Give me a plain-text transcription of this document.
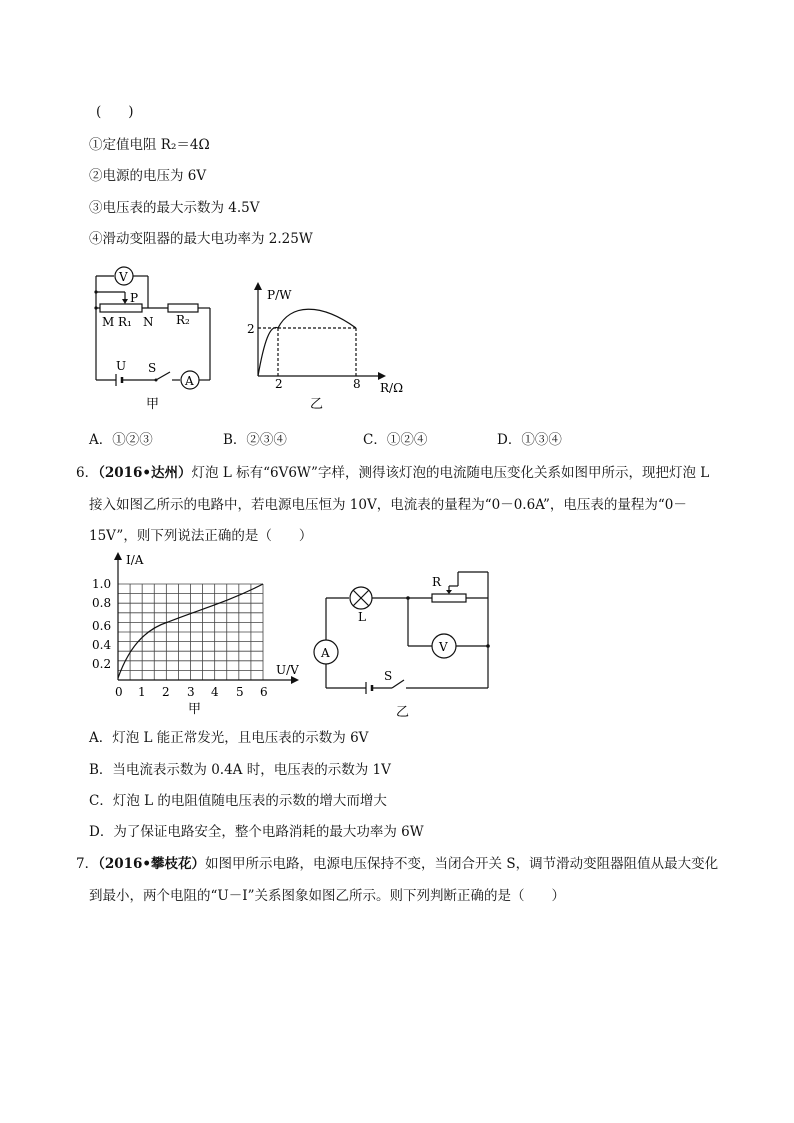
(　　)
①定值电阻 R₂＝4Ω
②电源的电压为 6V
③电压表的最大示数为 4.5V
④滑动变阻器的最大电功率为 2.25W
V
P
M R₁ N R₂
U S
A
甲
P/W
R/Ω
2
2	8
乙
A．①②③	B．②③④	C．①②④	D．①③④
6．（2016•达州）灯泡 L 标有“6V6W”字样，测得该灯泡的电流随电压变化关系如图甲所示，现把灯泡 L
接入如图乙所示的电路中，若电源电压恒为 10V，电流表的量程为“0－0.6A”，电压表的量程为“0－
15V”，则下列说法正确的是（　　）
I/A
U/V
1.0
0.8
0.6
0.4
0.2
0 1 2 3 4 5 6
甲
L
R
V
A
S
乙
A．灯泡 L 能正常发光，且电压表的示数为 6V
B．当电流表示数为 0.4A 时，电压表的示数为 1V
C．灯泡 L 的电阻值随电压表的示数的增大而增大
D．为了保证电路安全，整个电路消耗的最大功率为 6W
7．（2016•攀枝花）如图甲所示电路，电源电压保持不变，当闭合开关 S，调节滑动变阻器阻值从最大变化
到最小，两个电阻的“U－I”关系图象如图乙所示。则下列判断正确的是（　　）
